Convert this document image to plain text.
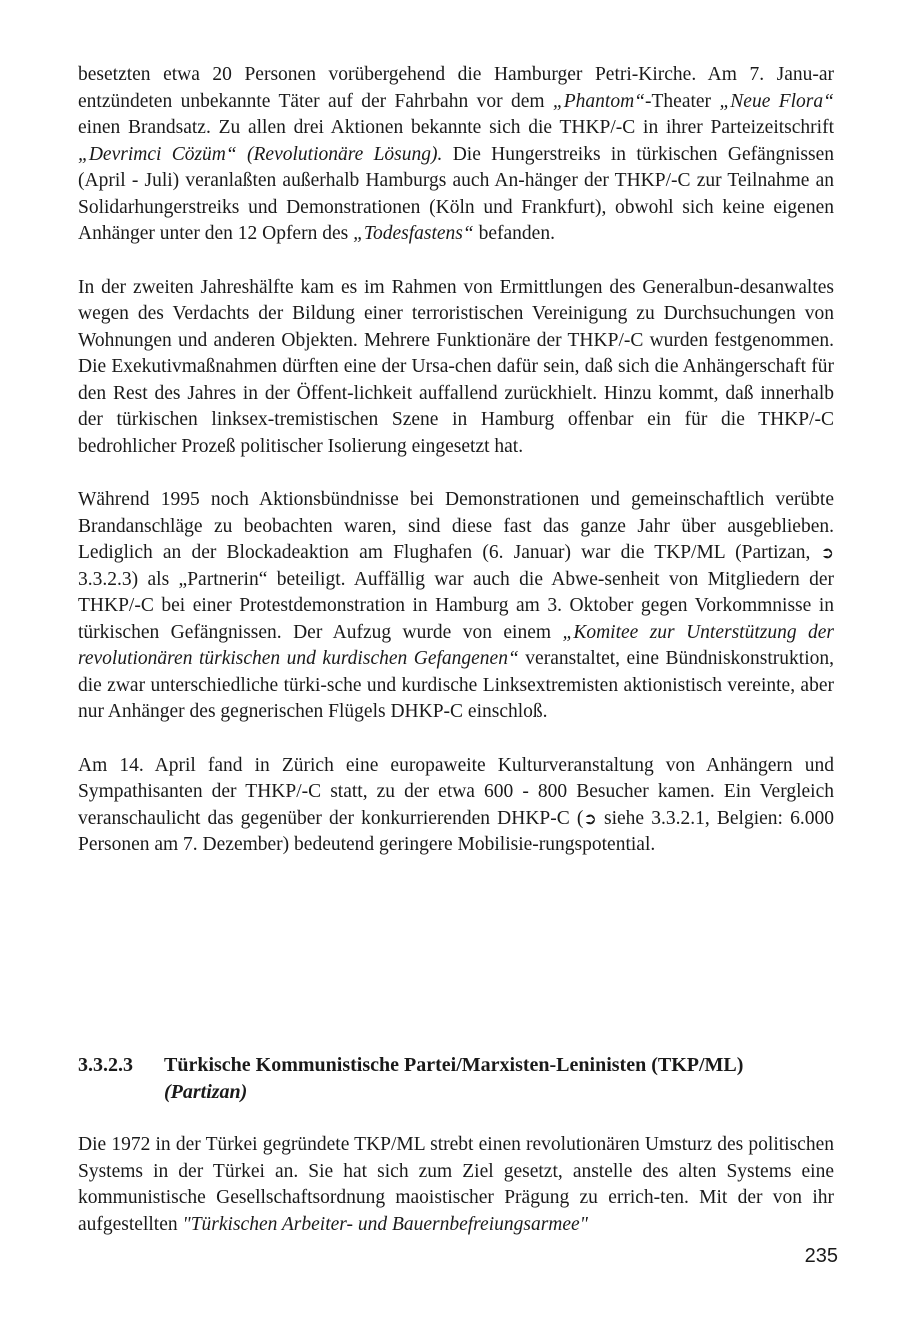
besetzten etwa 20 Personen vorübergehend die Hamburger Petri-Kirche. Am 7. Janu-ar entzündeten unbekannte Täter auf der Fahrbahn vor dem „Phantom“-Theater „Neue Flora“ einen Brandsatz. Zu allen drei Aktionen bekannte sich die THKP/-C in ihrer Parteizeitschrift „Devrimci Cözüm“ (Revolutionäre Lösung). Die Hungerstreiks in türkischen Gefängnissen (April - Juli) veranlaßten außerhalb Hamburgs auch An-hänger der THKP/-C zur Teilnahme an Solidarhungerstreiks und Demonstrationen (Köln und Frankfurt), obwohl sich keine eigenen Anhänger unter den 12 Opfern des „Todesfastens“ befanden.

In der zweiten Jahreshälfte kam es im Rahmen von Ermittlungen des Generalbun-desanwaltes wegen des Verdachts der Bildung einer terroristischen Vereinigung zu Durchsuchungen von Wohnungen und anderen Objekten. Mehrere Funktionäre der THKP/-C wurden festgenommen. Die Exekutivmaßnahmen dürften eine der Ursa-chen dafür sein, daß sich die Anhängerschaft für den Rest des Jahres in der Öffent-lichkeit auffallend zurückhielt. Hinzu kommt, daß innerhalb der türkischen linksex-tremistischen Szene in Hamburg offenbar ein für die THKP/-C bedrohlicher Prozeß politischer Isolierung eingesetzt hat.

Während 1995 noch Aktionsbündnisse bei Demonstrationen und gemeinschaftlich verübte Brandanschläge zu beobachten waren, sind diese fast das ganze Jahr über ausgeblieben. Lediglich an der Blockadeaktion am Flughafen (6. Januar) war die TKP/ML (Partizan, ➲ 3.3.2.3) als „Partnerin“ beteiligt. Auffällig war auch die Abwe-senheit von Mitgliedern der THKP/-C bei einer Protestdemonstration in Hamburg am 3. Oktober gegen Vorkommnisse in türkischen Gefängnissen. Der Aufzug wurde von einem „Komitee zur Unterstützung der revolutionären türkischen und kurdischen Gefangenen“ veranstaltet, eine Bündniskonstruktion, die zwar unterschiedliche türki-sche und kurdische Linksextremisten aktionistisch vereinte, aber nur Anhänger des gegnerischen Flügels DHKP-C einschloß.

Am 14. April fand in Zürich eine europaweite Kulturveranstaltung von Anhängern und Sympathisanten der THKP/-C statt, zu der etwa 600 - 800 Besucher kamen. Ein Vergleich veranschaulicht das gegenüber der konkurrierenden DHKP-C (➲ siehe 3.3.2.1, Belgien: 6.000 Personen am 7. Dezember) bedeutend geringere Mobilisie-rungspotential.

3.3.2.3 Türkische Kommunistische Partei/Marxisten-Leninisten (TKP/ML)
(Partizan)

Die 1972 in der Türkei gegründete TKP/ML strebt einen revolutionären Umsturz des politischen Systems in der Türkei an. Sie hat sich zum Ziel gesetzt, anstelle des alten Systems eine kommunistische Gesellschaftsordnung maoistischer Prägung zu errich-ten. Mit der von ihr aufgestellten "Türkischen Arbeiter- und Bauernbefreiungsarmee"

235
